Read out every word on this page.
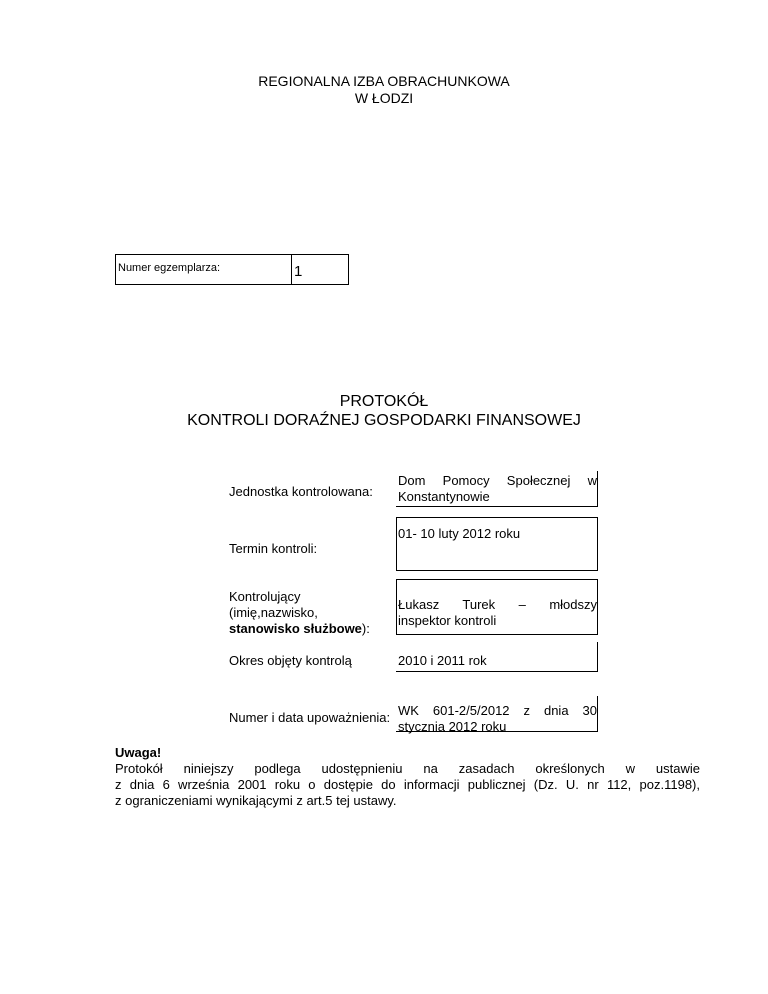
REGIONALNA IZBA OBRACHUNKOWA
W ŁODZI
Numer egzemplarza:	1
PROTOKÓŁ
KONTROLI DORAŹNEJ GOSPODARKI FINANSOWEJ
Jednostka kontrolowana:
Dom Pomocy Społecznej w
Konstantynowie
Termin kontroli:
01- 10 luty 2012 roku
Kontrolujący
(imię,nazwisko,
stanowisko służbowe):
Łukasz Turek – młodszy
inspektor kontroli
Okres objęty kontrolą	2010 i 2011 rok
Numer i data upoważnienia: WK 601-2/5/2012 z dnia 30
stycznia 2012 roku
Uwaga!
Protokół niniejszy podlega udostępnieniu na zasadach określonych w ustawie
z dnia 6 września 2001 roku o dostępie do informacji publicznej (Dz. U. nr 112, poz.1198),
z ograniczeniami wynikającymi z art.5 tej ustawy.
